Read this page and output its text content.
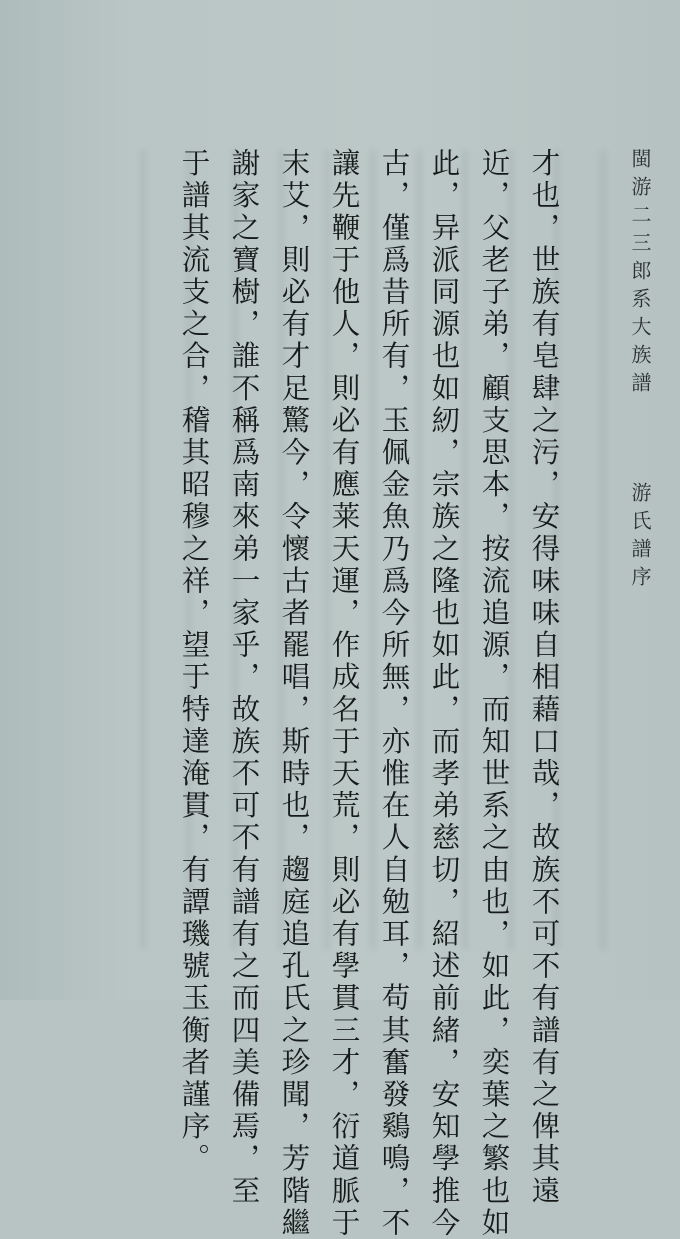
閩游二三郎系大族譜
游氏譜序
才也，世族有皂肆之污，安得味味自相藉口哉，故族不可不有譜有之俾其遠
近，父老子弟，顧支思本，按流追源，而知世系之由也，如此，奕葉之繁也如
此，异派同源也如紉，宗族之隆也如此，而孝弟慈切，紹述前緒，安知學推今
古，僅爲昔所有，玉佩金魚乃爲今所無，亦惟在人自勉耳，苟其奮發鷄鳴，不
讓先鞭于他人，則必有應莱天運，作成名于天荒，則必有學貫三才，衍道脈于
末艾，則必有才足驚今，令懷古者罷唱，斯時也，趨庭追孔氏之珍聞，芳階繼
謝家之寶樹，誰不稱爲南來弟一家乎，故族不可不有譜有之而四美備焉，至
于譜其流支之合，稽其昭穆之祥，望于特達淹貫，有譚璣號玉衡者謹序。
